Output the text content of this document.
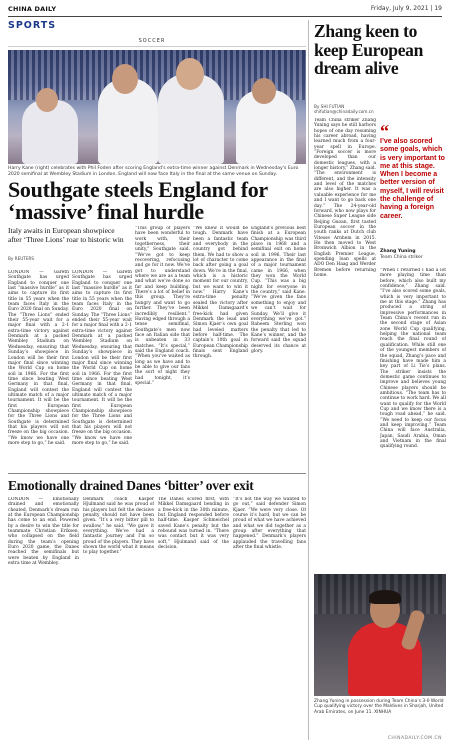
CHINA DAILY	Friday, July 9, 2021 | 19
SPORTS
SOCCER
Harry Kane (right) celebrates with Phil Foden after scoring England's extra-time winner against Denmark in Wednesday's Euro 2020 semifinal at Wembley Stadium in London. England will now face Italy in the final at the same venue on Sunday.
Southgate steels England for ‘massive’ final hurdle
Italy awaits in European showpiece after ‘Three Lions’ roar to historic win
By REUTERS
LONDON — Gareth Southgate has urged England to conquer one last “massive hurdle” as it aims to capture its first title in 55 years when the team faces Italy in the Euro 2020 final on Sunday. The “Three Lions” ended their 55-year wait for a major final with a 2-1 extra-time victory against Denmark at a packed Wembley Stadium on Wednesday, ensuring that Sunday’s showpiece in London will be their first major final since winning the World Cup on home soil in 1966. For the first time since beating West Germany in that final, England will contest the ultimate match of a major tournament. It will be the first European Championship showpiece for the Three Lions and Southgate is determined that his players will not freeze on the big occasion. “We know we have one more step to go,” he said.
“This group of players have been wonderful to work with, their togetherness, their unity,” Southgate said. “We’ve got to keep recovering, refocusing and go for it now. We’ve got to understand where we are as a team and what we’ve done so far and keep building. There’s a lot of belief in this group. They’re hungry and want to go further. They’ve been incredibly resilient.” Having edged through a tense semifinal, Southgate’s men now face an Italian side that is unbeaten in 33 matches. “It’s special,” said the England coach. “When you’ve waited as long as we have and to be able to give our fans the sort of night they had tonight, it’s special.”
“We knew it would be tough. Denmark have been a fantastic team and everybody in the country got behind them. We had to show a lot of character to come back after going a goal down. We’re in the final, which is a historic moment for our country, but we want to win it now.” Harry Kane’s extra-time penalty sealed the victory after Mikkel Damsgaard’s free-kick had given Denmark the lead and Simon Kjaer’s own goal had leveled matters before half-time. The captain’s 10th goal in European Championship finals sent England through.
England’s previous best finish at a European Championship was third place in 1968 and a semifinal exit on home soil in 1996. Their last appearance in the final of a major tournament came in 1966, when they won the World Cup. “This was a big night for everyone in the country,” said Kane. “We’ve given the fans something to enjoy and we can’t wait for Sunday. We’ll give it everything we’ve got.” Raheem Sterling won the penalty that led to Kane’s winner, and the forward said the squad deserved its chance at glory.
LONDON — Gareth Southgate has urged England to conquer one last “massive hurdle” as it aims to capture its first title in 55 years when the team faces Italy in the Euro 2020 final on Sunday. The “Three Lions” ended their 55-year wait for a major final with a 2-1 extra-time victory against Denmark at a packed Wembley Stadium on Wednesday, ensuring that Sunday’s showpiece in London will be their first major final since winning the World Cup on home soil in 1966. For the first time since beating West Germany in that final, England will contest the ultimate match of a major tournament. It will be the first European Championship showpiece for the Three Lions and Southgate is determined that his players will not freeze on the big occasion. “We know we have one more step to go,” he said.
Emotionally drained Danes ‘bitter’ over exit
LONDON — Emotionally drained and emotionally cheated, Denmark’s dream run at the European Championship has come to an end. Powered by a desire to win the title for teammate Christian Eriksen, who collapsed on the field during the team’s opening Euro 2020 game, the Danes reached the semifinals but were beaten by England in extra time at Wembley.
Denmark coach Kasper Hjulmand said he was proud of his players but felt the decisive penalty should not have been given. “It’s a very bitter pill to swallow,” he said. “We gave it everything. We’ve had a fantastic journey and I’m so proud of the players. They have shown the world what it means to play together.”
The Danes scored first, with Mikkel Damsgaard bending in a free-kick in the 30th minute, but England responded before half-time. Kasper Schmeichel saved Kane’s penalty but the rebound was turned in. “There was contact but it was very soft,” Hjulmand said of the decision.
“It’s not the way we wanted to go out,” said defender Simon Kjaer. “We were very close. Of course it’s hard, but we can be proud of what we have achieved and what we did together as a group after everything that happened.” Denmark’s players applauded the travelling fans after the final whistle.
Zhang keen to keep European dream alive
By SHI FUTIAN shifutian@chinadaily.com.cn
Team China striker Zhang Yuning says he still harbors hopes of one day resuming his career abroad, having learned much from a four-year spell in Europe. “Foreign soccer is more developed than our domestic leagues, with a longer history,” Zhang said. “The environment is different, and the intensity and level of the matches are also higher. It was a valuable experience for me and I want to go back one day.” The 24-year-old forward, who now plays for Chinese Super League side Beijing Guoan, first tasted European soccer in the youth ranks at Dutch club Vitesse Arnhem in 2015. He then moved to West Bromwich Albion in the English Premier League, spending loan spells at ADO Den Haag and Werder Bremen before returning home.
“
I’ve also scored some goals, which is very important to me at this stage. When I become a better version of myself, I will revisit the challenge of having a foreign career.
Zhang Yuning
Team China striker
“When I returned I had a lot more playing time than before, which also built my confidence,” Zhang said. “I’ve also scored some goals, which is very important to me at this stage.” Zhang has produced a string of impressive performances in Team China’s recent run in the second stage of Asian zone World Cup qualifying, helping the national team reach the final round of qualification. While still one of the youngest members of the squad, Zhang’s pace and finishing have made him a key part of Li Tie’s plans. The striker insists the domestic game continues to improve and believes young Chinese players should be ambitious. “The team has to continue to work hard. We all want to qualify for the World Cup and we know there is a tough road ahead,” he said. “We need to keep our focus and keep improving.” Team China will face Australia, Japan, Saudi Arabia, Oman and Vietnam in the final qualifying round.
Zhang Yuning in possession during Team China’s 3-0 World Cup qualifying victory over the Maldives in Sharjah, United Arab Emirates, on June 11. XINHUA
CHINADAILY.COM.CN
